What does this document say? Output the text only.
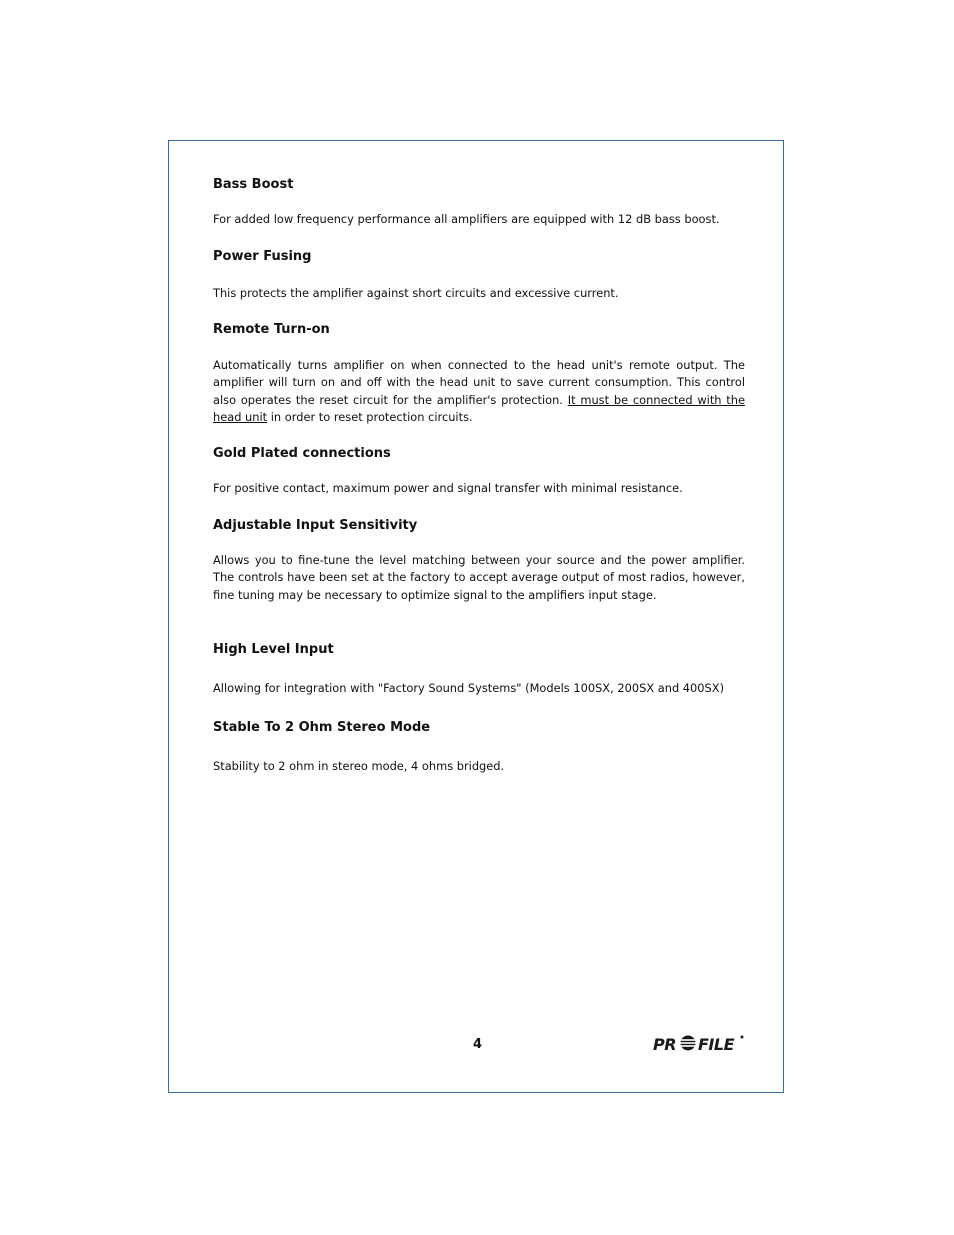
Bass Boost

For added low frequency performance all amplifiers are equipped with 12 dB bass boost.

Power Fusing

This protects the amplifier against short circuits and excessive current.

Remote Turn-on

Automatically turns amplifier on when connected to the head unit's remote output. The amplifier will turn on and off with the head unit to save current consumption. This control also operates the reset circuit for the amplifier's protection. It must be connected with the head unit in order to reset protection circuits.

Gold Plated connections

For positive contact, maximum power and signal transfer with minimal resistance.

Adjustable Input Sensitivity

Allows you to fine-tune the level matching between your source and the power amplifier. The controls have been set at the factory to accept average output of most radios, however, fine tuning may be necessary to optimize signal to the amplifiers input stage.

High Level Input

Allowing for integration with "Factory Sound Systems" (Models 100SX, 200SX and 400SX)

Stable To 2 Ohm Stereo Mode

Stability to 2 ohm in stereo mode, 4 ohms bridged.

4	PR FILE
